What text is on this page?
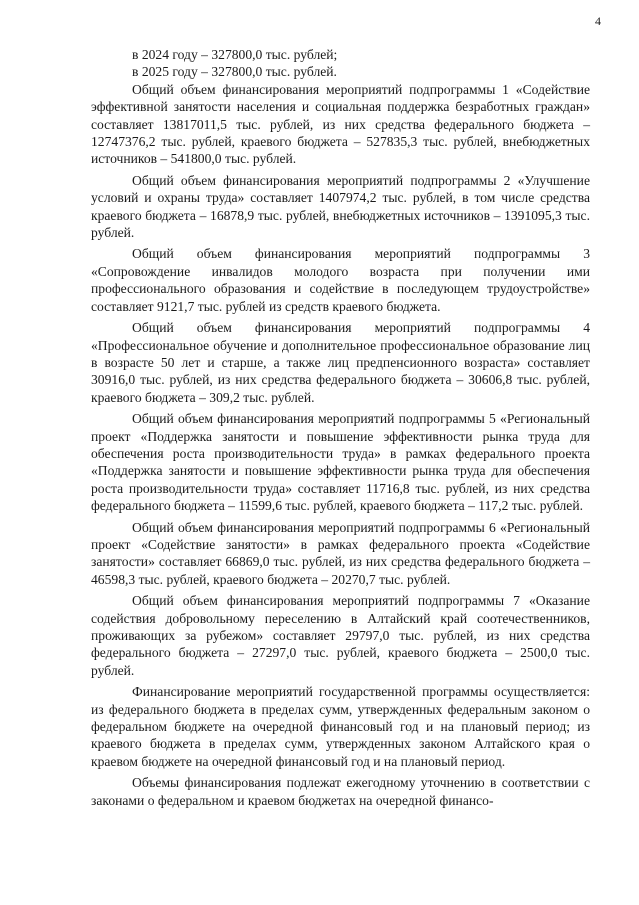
4

в 2024 году – 327800,0 тыс. рублей;

в 2025 году – 327800,0 тыс. рублей.

Общий объем финансирования мероприятий подпрограммы 1 «Содействие эффективной занятости населения и социальная поддержка безработных граждан» составляет 13817011,5 тыс. рублей, из них средства федерального бюджета – 12747376,2 тыс. рублей, краевого бюджета – 527835,3 тыс. рублей, внебюджетных источников – 541800,0 тыс. рублей.

Общий объем финансирования мероприятий подпрограммы 2 «Улучшение условий и охраны труда» составляет 1407974,2 тыс. рублей, в том числе средства краевого бюджета – 16878,9 тыс. рублей, внебюджетных источников – 1391095,3 тыс. рублей.

Общий объем финансирования мероприятий подпрограммы 3 «Сопровождение инвалидов молодого возраста при получении ими профессионального образования и содействие в последующем трудоустройстве» составляет 9121,7 тыс. рублей из средств краевого бюджета.

Общий объем финансирования мероприятий подпрограммы 4 «Профессиональное обучение и дополнительное профессиональное образование лиц в возрасте 50 лет и старше, а также лиц предпенсионного возраста» составляет 30916,0 тыс. рублей, из них средства федерального бюджета – 30606,8 тыс. рублей, краевого бюджета – 309,2 тыс. рублей.

Общий объем финансирования мероприятий подпрограммы 5 «Региональный проект «Поддержка занятости и повышение эффективности рынка труда для обеспечения роста производительности труда» в рамках федерального проекта «Поддержка занятости и повышение эффективности рынка труда для обеспечения роста производительности труда» составляет 11716,8 тыс. рублей, из них средства федерального бюджета – 11599,6 тыс. рублей, краевого бюджета – 117,2 тыс. рублей.

Общий объем финансирования мероприятий подпрограммы 6 «Региональный проект «Содействие занятости» в рамках федерального проекта «Содействие занятости» составляет 66869,0 тыс. рублей, из них средства федерального бюджета – 46598,3 тыс. рублей, краевого бюджета – 20270,7 тыс. рублей.

Общий объем финансирования мероприятий подпрограммы 7 «Оказание содействия добровольному переселению в Алтайский край соотечественников, проживающих за рубежом» составляет 29797,0 тыс. рублей, из них средства федерального бюджета – 27297,0 тыс. рублей, краевого бюджета – 2500,0 тыс. рублей.

Финансирование мероприятий государственной программы осуществляется: из федерального бюджета в пределах сумм, утвержденных федеральным законом о федеральном бюджете на очередной финансовый год и на плановый период; из краевого бюджета в пределах сумм, утвержденных законом Алтайского края о краевом бюджете на очередной финансовый год и на плановый период.

Объемы финансирования подлежат ежегодному уточнению в соответствии с законами о федеральном и краевом бюджетах на очередной финансо-
